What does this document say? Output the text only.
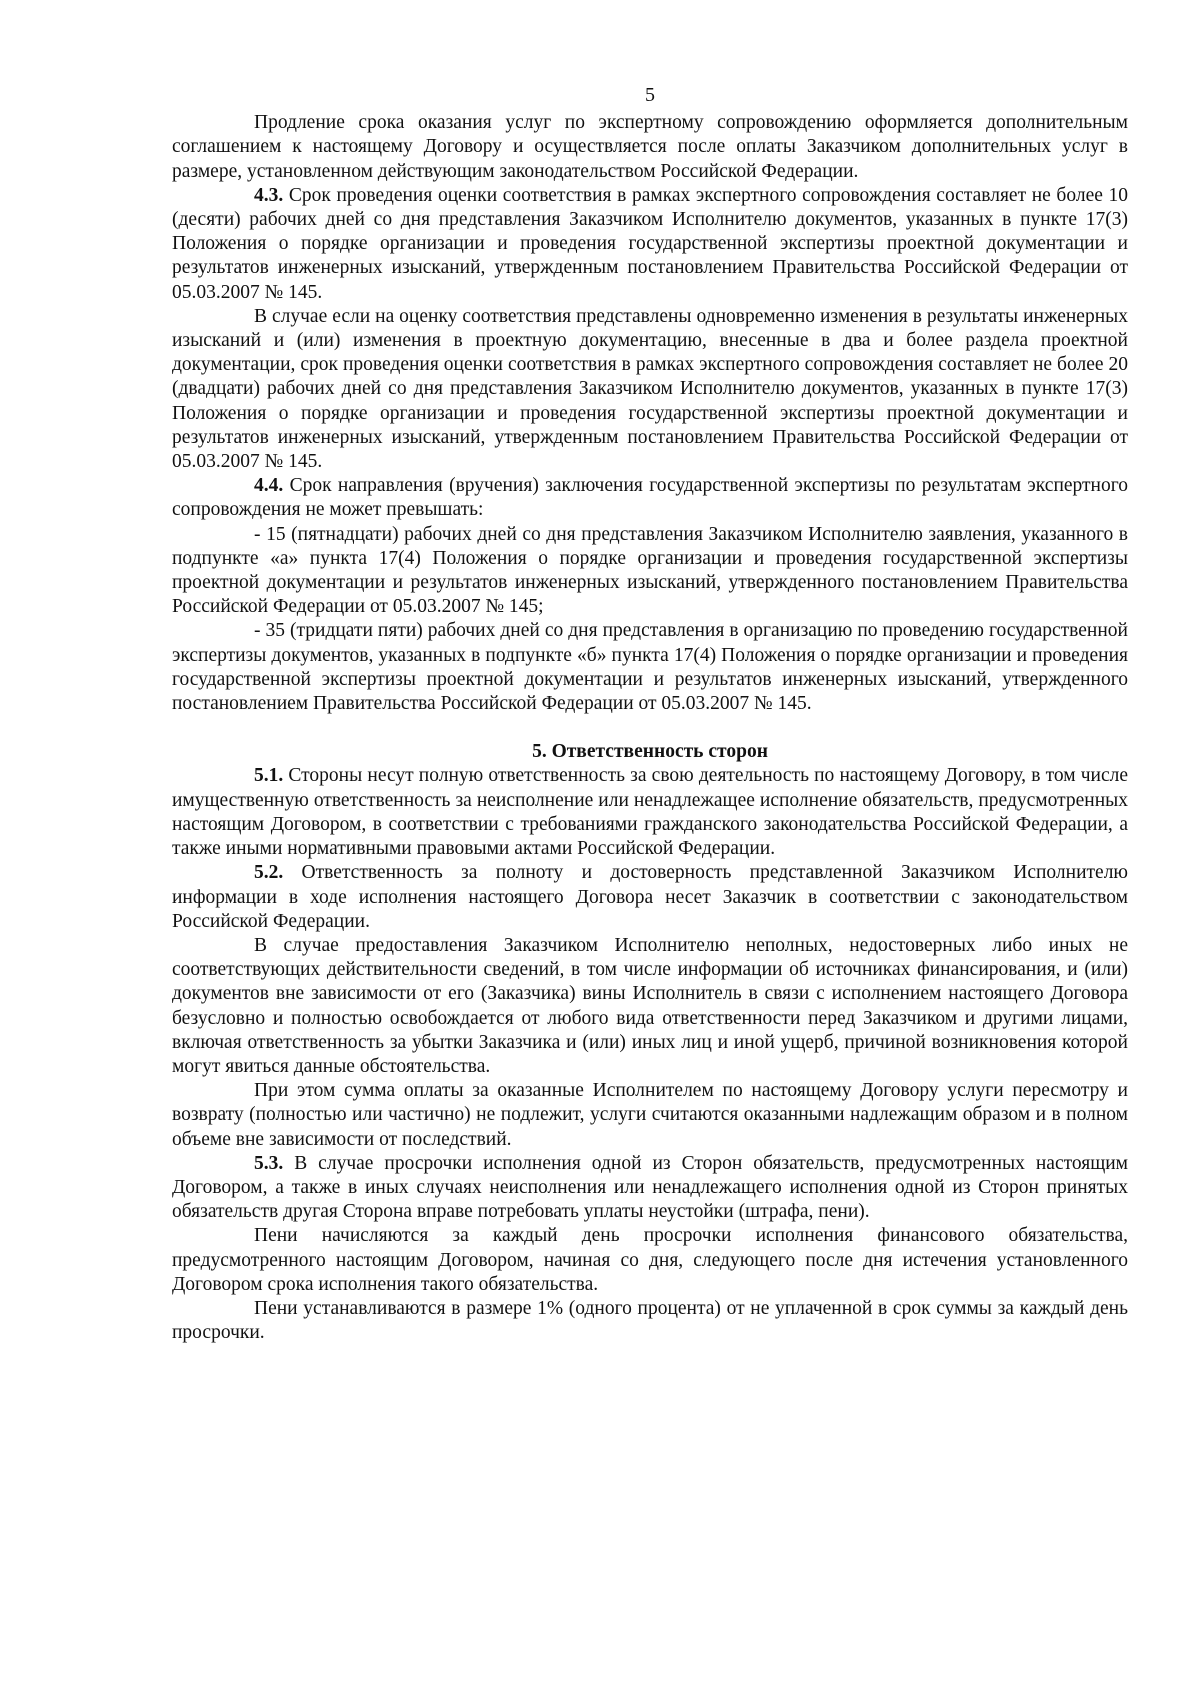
5

Продление срока оказания услуг по экспертному сопровождению оформляется дополнительным соглашением к настоящему Договору и осуществляется после оплаты Заказчиком дополнительных услуг в размере, установленном действующим законодательством Российской Федерации.

4.3. Срок проведения оценки соответствия в рамках экспертного сопровождения составляет не более 10 (десяти) рабочих дней со дня представления Заказчиком Исполнителю документов, указанных в пункте 17(3) Положения о порядке организации и проведения государственной экспертизы проектной документации и результатов инженерных изысканий, утвержденным постановлением Правительства Российской Федерации от 05.03.2007 № 145.

В случае если на оценку соответствия представлены одновременно изменения в результаты инженерных изысканий и (или) изменения в проектную документацию, внесенные в два и более раздела проектной документации, срок проведения оценки соответствия в рамках экспертного сопровождения составляет не более 20 (двадцати) рабочих дней со дня представления Заказчиком Исполнителю документов, указанных в пункте 17(3) Положения о порядке организации и проведения государственной экспертизы проектной документации и результатов инженерных изысканий, утвержденным постановлением Правительства Российской Федерации от 05.03.2007 № 145.

4.4. Срок направления (вручения) заключения государственной экспертизы по результатам экспертного сопровождения не может превышать:

- 15 (пятнадцати) рабочих дней со дня представления Заказчиком Исполнителю заявления, указанного в подпункте «а» пункта 17(4) Положения о порядке организации и проведения государственной экспертизы проектной документации и результатов инженерных изысканий, утвержденного постановлением Правительства Российской Федерации от 05.03.2007 № 145;

- 35 (тридцати пяти) рабочих дней со дня представления в организацию по проведению государственной экспертизы документов, указанных в подпункте «б» пункта 17(4) Положения о порядке организации и проведения государственной экспертизы проектной документации и результатов инженерных изысканий, утвержденного постановлением Правительства Российской Федерации от 05.03.2007 № 145.

5. Ответственность сторон

5.1. Стороны несут полную ответственность за свою деятельность по настоящему Договору, в том числе имущественную ответственность за неисполнение или ненадлежащее исполнение обязательств, предусмотренных настоящим Договором, в соответствии с требованиями гражданского законодательства Российской Федерации, а также иными нормативными правовыми актами Российской Федерации.

5.2. Ответственность за полноту и достоверность представленной Заказчиком Исполнителю информации в ходе исполнения настоящего Договора несет Заказчик в соответствии с законодательством Российской Федерации.

В случае предоставления Заказчиком Исполнителю неполных, недостоверных либо иных не соответствующих действительности сведений, в том числе информации об источниках финансирования, и (или) документов вне зависимости от его (Заказчика) вины Исполнитель в связи с исполнением настоящего Договора безусловно и полностью освобождается от любого вида ответственности перед Заказчиком и другими лицами, включая ответственность за убытки Заказчика и (или) иных лиц и иной ущерб, причиной возникновения которой могут явиться данные обстоятельства.

При этом сумма оплаты за оказанные Исполнителем по настоящему Договору услуги пересмотру и возврату (полностью или частично) не подлежит, услуги считаются оказанными надлежащим образом и в полном объеме вне зависимости от последствий.

5.3. В случае просрочки исполнения одной из Сторон обязательств, предусмотренных настоящим Договором, а также в иных случаях неисполнения или ненадлежащего исполнения одной из Сторон принятых обязательств другая Сторона вправе потребовать уплаты неустойки (штрафа, пени).

Пени начисляются за каждый день просрочки исполнения финансового обязательства, предусмотренного настоящим Договором, начиная со дня, следующего после дня истечения установленного Договором срока исполнения такого обязательства.

Пени устанавливаются в размере 1% (одного процента) от не уплаченной в срок суммы за каждый день просрочки.
